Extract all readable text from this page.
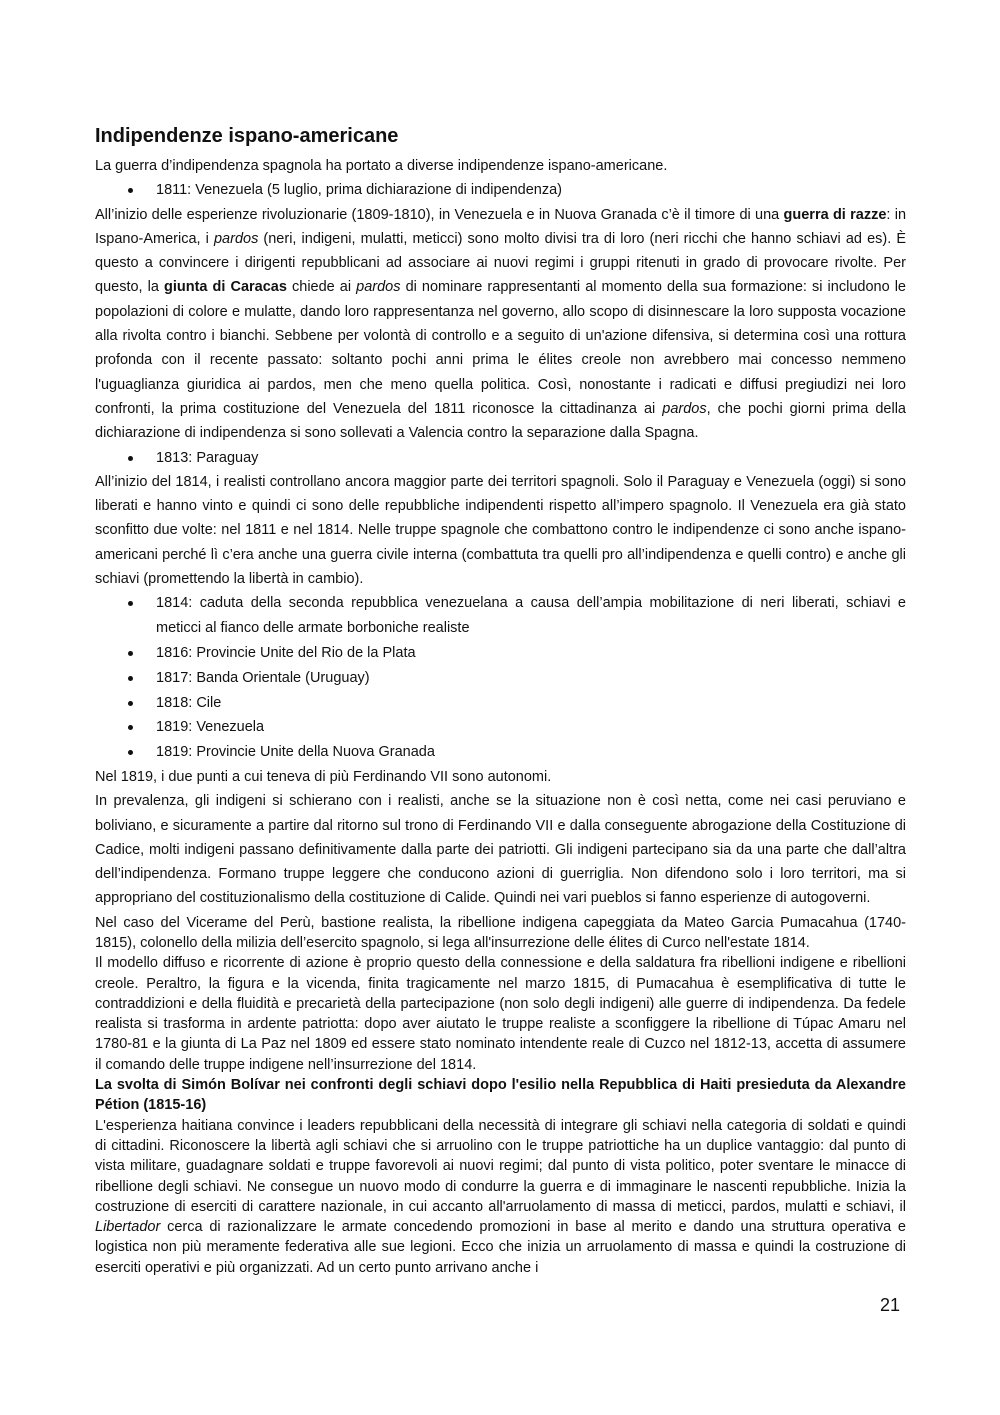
Indipendenze ispano-americane

La guerra d’indipendenza spagnola ha portato a diverse indipendenze ispano-americane.

1811: Venezuela (5 luglio, prima dichiarazione di indipendenza)

All’inizio delle esperienze rivoluzionarie (1809-1810), in Venezuela e in Nuova Granada c’è il timore di una guerra di razze: in Ispano-America, i pardos (neri, indigeni, mulatti, meticci) sono molto divisi tra di loro (neri ricchi che hanno schiavi ad es). È questo a convincere i dirigenti repubblicani ad associare ai nuovi regimi i gruppi ritenuti in grado di provocare rivolte. Per questo, la giunta di Caracas chiede ai pardos di nominare rappresentanti al momento della sua formazione: si includono le popolazioni di colore e mulatte, dando loro rappresentanza nel governo, allo scopo di disinnescare la loro supposta vocazione alla rivolta contro i bianchi. Sebbene per volontà di controllo e a seguito di un'azione difensiva, si determina così una rottura profonda con il recente passato: soltanto pochi anni prima le élites creole non avrebbero mai concesso nemmeno l'uguaglianza giuridica ai pardos, men che meno quella politica. Così, nonostante i radicati e diffusi pregiudizi nei loro confronti, la prima costituzione del Venezuela del 1811 riconosce la cittadinanza ai pardos, che pochi giorni prima della dichiarazione di indipendenza si sono sollevati a Valencia contro la separazione dalla Spagna.

1813: Paraguay

All’inizio del 1814, i realisti controllano ancora maggior parte dei territori spagnoli. Solo il Paraguay e Venezuela (oggi) si sono liberati e hanno vinto e quindi ci sono delle repubbliche indipendenti rispetto all’impero spagnolo. Il Venezuela era già stato sconfitto due volte: nel 1811 e nel 1814. Nelle truppe spagnole che combattono contro le indipendenze ci sono anche ispano-americani perché lì c’era anche una guerra civile interna (combattuta tra quelli pro all’indipendenza e quelli contro) e anche gli schiavi (promettendo la libertà in cambio).

1814: caduta della seconda repubblica venezuelana a causa dell’ampia mobilitazione di neri liberati, schiavi e meticci al fianco delle armate borboniche realiste
1816: Provincie Unite del Rio de la Plata
1817: Banda Orientale (Uruguay)
1818: Cile
1819: Venezuela
1819: Provincie Unite della Nuova Granada

Nel 1819, i due punti a cui teneva di più Ferdinando VII sono autonomi.

In prevalenza, gli indigeni si schierano con i realisti, anche se la situazione non è così netta, come nei casi peruviano e boliviano, e sicuramente a partire dal ritorno sul trono di Ferdinando VII e dalla conseguente abrogazione della Costituzione di Cadice, molti indigeni passano definitivamente dalla parte dei patriotti. Gli indigeni partecipano sia da una parte che dall’altra dell’indipendenza. Formano truppe leggere che conducono azioni di guerriglia. Non difendono solo i loro territori, ma si appropriano del costituzionalismo della costituzione di Calide. Quindi nei vari pueblos si fanno esperienze di autogoverni.

Nel caso del Vicerame del Perù, bastione realista, la ribellione indigena capeggiata da Mateo Garcia Pumacahua (1740-1815), colonello della milizia dell’esercito spagnolo, si lega all'insurrezione delle élites di Curco nell'estate 1814.

Il modello diffuso e ricorrente di azione è proprio questo della connessione e della saldatura fra ribellioni indigene e ribellioni creole. Peraltro, la figura e la vicenda, finita tragicamente nel marzo 1815, di Pumacahua è esemplificativa di tutte le contraddizioni e della fluidità e precarietà della partecipazione (non solo degli indigeni) alle guerre di indipendenza. Da fedele realista si trasforma in ardente patriotta: dopo aver aiutato le truppe realiste a sconfiggere la ribellione di Túpac Amaru nel 1780-81 e la giunta di La Paz nel 1809 ed essere stato nominato intendente reale di Cuzco nel 1812-13, accetta di assumere il comando delle truppe indigene nell’insurrezione del 1814.

La svolta di Simón Bolívar nei confronti degli schiavi dopo l'esilio nella Repubblica di Haiti presieduta da Alexandre Pétion (1815-16)

L'esperienza haitiana convince i leaders repubblicani della necessità di integrare gli schiavi nella categoria di soldati e quindi di cittadini. Riconoscere la libertà agli schiavi che si arruolino con le truppe patriottiche ha un duplice vantaggio: dal punto di vista militare, guadagnare soldati e truppe favorevoli ai nuovi regimi; dal punto di vista politico, poter sventare le minacce di ribellione degli schiavi. Ne consegue un nuovo modo di condurre la guerra e di immaginare le nascenti repubbliche. Inizia la costruzione di eserciti di carattere nazionale, in cui accanto all'arruolamento di massa di meticci, pardos, mulatti e schiavi, il Libertador cerca di razionalizzare le armate concedendo promozioni in base al merito e dando una struttura operativa e logistica non più meramente federativa alle sue legioni. Ecco che inizia un arruolamento di massa e quindi la costruzione di eserciti operativi e più organizzati. Ad un certo punto arrivano anche i

21
